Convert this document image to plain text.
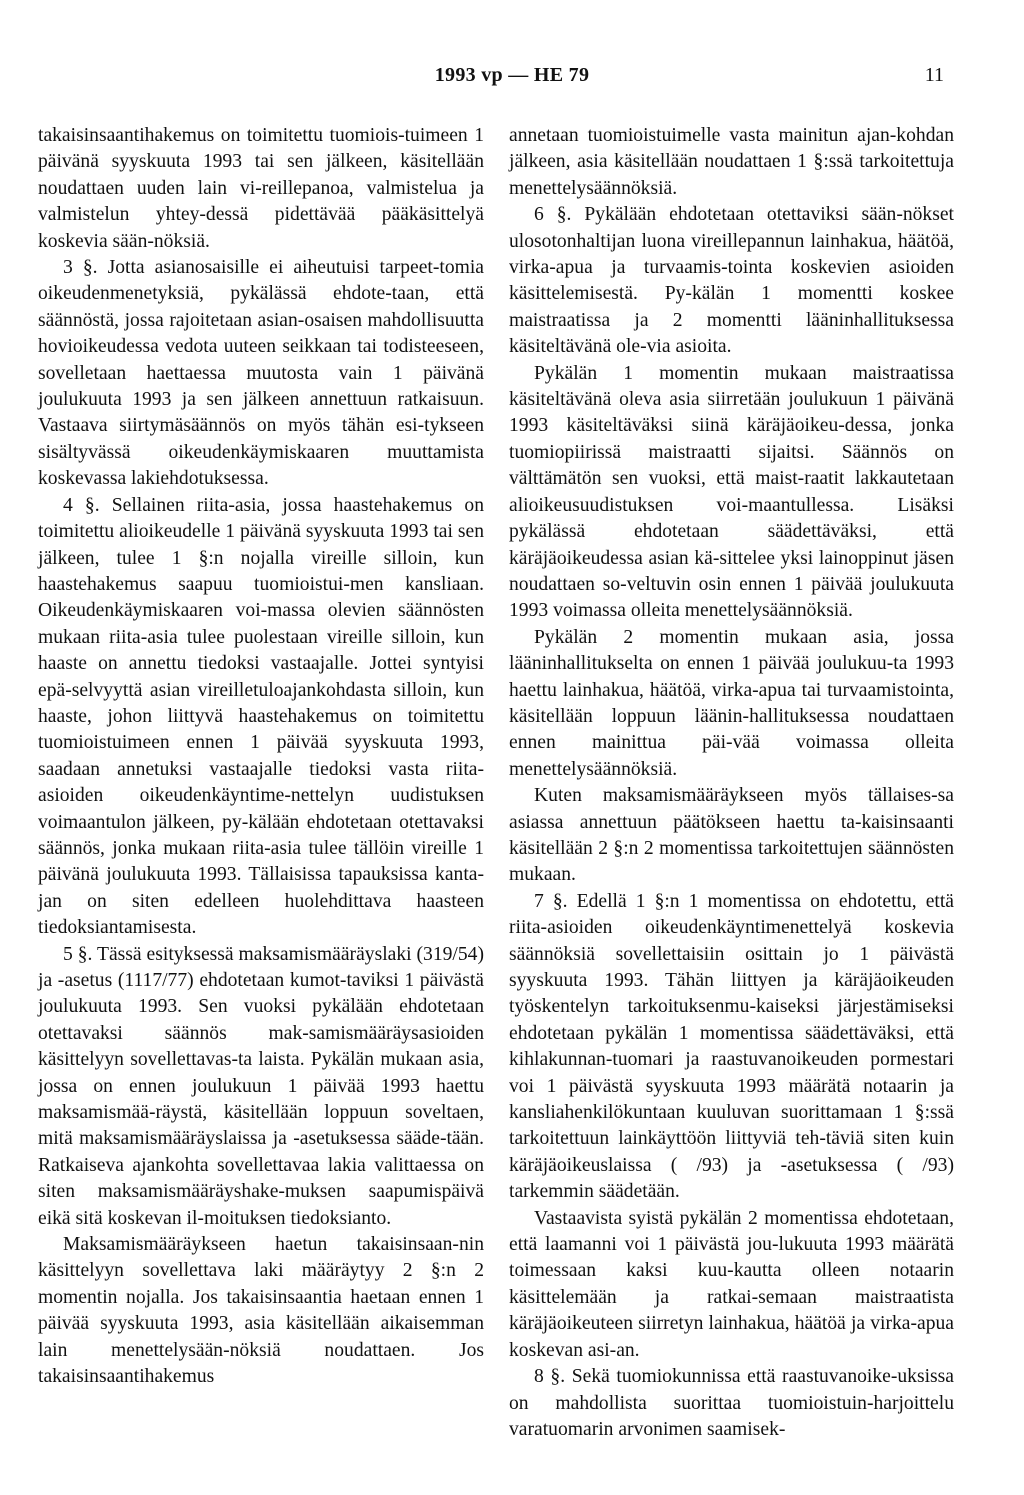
1993 vp — HE 79	11

takaisinsaantihakemus on toimitettu tuomiois-tuimeen 1 päivänä syyskuuta 1993 tai sen jälkeen, käsitellään noudattaen uuden lain vi-reillepanoa, valmistelua ja valmistelun yhtey-dessä pidettävää pääkäsittelyä koskevia sään-nöksiä.

3 §. Jotta asianosaisille ei aiheutuisi tarpeet-tomia oikeudenmenetyksiä, pykälässä ehdote-taan, että säännöstä, jossa rajoitetaan asian-osaisen mahdollisuutta hovioikeudessa vedota uuteen seikkaan tai todisteeseen, sovelletaan haettaessa muutosta vain 1 päivänä joulukuuta 1993 ja sen jälkeen annettuun ratkaisuun. Vastaava siirtymäsäännös on myös tähän esi-tykseen sisältyvässä oikeudenkäymiskaaren muuttamista koskevassa lakiehdotuksessa.

4 §. Sellainen riita-asia, jossa haastehakemus on toimitettu alioikeudelle 1 päivänä syyskuuta 1993 tai sen jälkeen, tulee 1 §:n nojalla vireille silloin, kun haastehakemus saapuu tuomioistui-men kansliaan. Oikeudenkäymiskaaren voi-massa olevien säännösten mukaan riita-asia tulee puolestaan vireille silloin, kun haaste on annettu tiedoksi vastaajalle. Jottei syntyisi epä-selvyyttä asian vireilletuloajankohdasta silloin, kun haaste, johon liittyvä haastehakemus on toimitettu tuomioistuimeen ennen 1 päivää syyskuuta 1993, saadaan annetuksi vastaajalle tiedoksi vasta riita-asioiden oikeudenkäyntime-nettelyn uudistuksen voimaantulon jälkeen, py-kälään ehdotetaan otettavaksi säännös, jonka mukaan riita-asia tulee tällöin vireille 1 päivänä joulukuuta 1993. Tällaisissa tapauksissa kanta-jan on siten edelleen huolehdittava haasteen tiedoksiantamisesta.

5 §. Tässä esityksessä maksamismääräyslaki (319/54) ja -asetus (1117/77) ehdotetaan kumot-taviksi 1 päivästä joulukuuta 1993. Sen vuoksi pykälään ehdotetaan otettavaksi säännös mak-samismääräysasioiden käsittelyyn sovellettavas-ta laista. Pykälän mukaan asia, jossa on ennen joulukuun 1 päivää 1993 haettu maksamismää-räystä, käsitellään loppuun soveltaen, mitä maksamismääräyslaissa ja -asetuksessa sääde-tään. Ratkaiseva ajankohta sovellettavaa lakia valittaessa on siten maksamismääräyshake-muksen saapumispäivä eikä sitä koskevan il-moituksen tiedoksianto.

Maksamismääräykseen haetun takaisinsaan-nin käsittelyyn sovellettava laki määräytyy 2 §:n 2 momentin nojalla. Jos takaisinsaantia haetaan ennen 1 päivää syyskuuta 1993, asia käsitellään aikaisemman lain menettelysään-nöksiä noudattaen. Jos takaisinsaantihakemus

annetaan tuomioistuimelle vasta mainitun ajan-kohdan jälkeen, asia käsitellään noudattaen 1 §:ssä tarkoitettuja menettelysäännöksiä.

6 §. Pykälään ehdotetaan otettaviksi sään-nökset ulosotonhaltijan luona vireillepannun lainhakua, häätöä, virka-apua ja turvaamis-tointa koskevien asioiden käsittelemisestä. Py-kälän 1 momentti koskee maistraatissa ja 2 momentti lääninhallituksessa käsiteltävänä ole-via asioita.

Pykälän 1 momentin mukaan maistraatissa käsiteltävänä oleva asia siirretään joulukuun 1 päivänä 1993 käsiteltäväksi siinä käräjäoikeu-dessa, jonka tuomiopiirissä maistraatti sijaitsi. Säännös on välttämätön sen vuoksi, että maist-raatit lakkautetaan alioikeusuudistuksen voi-maantullessa. Lisäksi pykälässä ehdotetaan säädettäväksi, että käräjäoikeudessa asian kä-sittelee yksi lainoppinut jäsen noudattaen so-veltuvin osin ennen 1 päivää joulukuuta 1993 voimassa olleita menettelysäännöksiä.

Pykälän 2 momentin mukaan asia, jossa lääninhallitukselta on ennen 1 päivää joulukuu-ta 1993 haettu lainhakua, häätöä, virka-apua tai turvaamistointa, käsitellään loppuun läänin-hallituksessa noudattaen ennen mainittua päi-vää voimassa olleita menettelysäännöksiä.

Kuten maksamismääräykseen myös tällaises-sa asiassa annettuun päätökseen haettu ta-kaisinsaanti käsitellään 2 §:n 2 momentissa tarkoitettujen säännösten mukaan.

7 §. Edellä 1 §:n 1 momentissa on ehdotettu, että riita-asioiden oikeudenkäyntimenettelyä koskevia säännöksiä sovellettaisiin osittain jo 1 päivästä syyskuuta 1993. Tähän liittyen ja käräjäoikeuden työskentelyn tarkoituksenmu-kaiseksi järjestämiseksi ehdotetaan pykälän 1 momentissa säädettäväksi, että kihlakunnan-tuomari ja raastuvanoikeuden pormestari voi 1 päivästä syyskuuta 1993 määrätä notaarin ja kansliahenkilökuntaan kuuluvan suorittamaan 1 §:ssä tarkoitettuun lainkäyttöön liittyviä teh-täviä siten kuin käräjäoikeuslaissa ( /93) ja -asetuksessa ( /93) tarkemmin säädetään.

Vastaavista syistä pykälän 2 momentissa ehdotetaan, että laamanni voi 1 päivästä jou-lukuuta 1993 määrätä toimessaan kaksi kuu-kautta olleen notaarin käsittelemään ja ratkai-semaan maistraatista käräjäoikeuteen siirretyn lainhakua, häätöä ja virka-apua koskevan asi-an.

8 §. Sekä tuomiokunnissa että raastuvanoike-uksissa on mahdollista suorittaa tuomioistuin-harjoittelu varatuomarin arvonimen saamisek-
